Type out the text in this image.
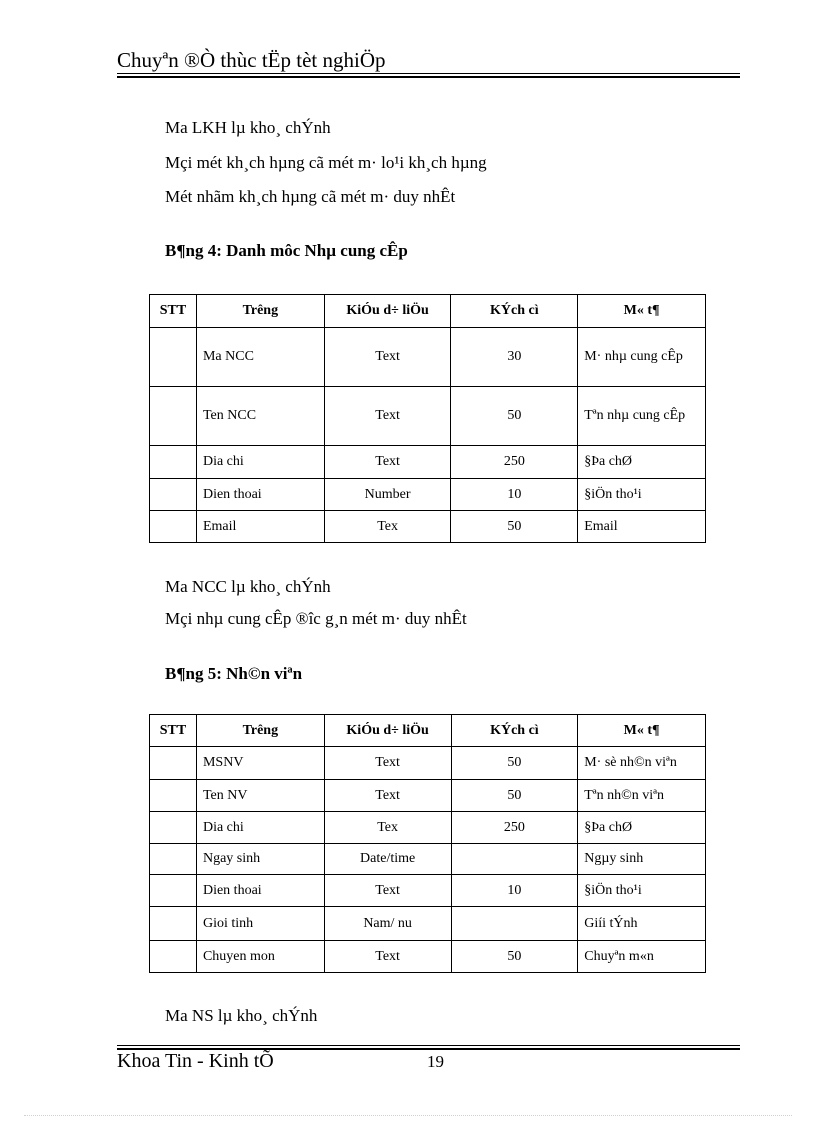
Chuyªn ®Ò thùc tËp tèt nghiÖp
Ma LKH lµ kho¸ chÝnh
Mçi mét kh¸ch hµng cã mét m· lo¹i kh¸ch hµng
Mét nhãm kh¸ch hµng cã mét m· duy nhÊt
B¶ng 4: Danh môc Nhµ cung cÊp
STT	Trêng	KiÓu d÷ liÖu	KÝch cì	M« t¶
	Ma NCC	Text	30	M· nhµ cung cÊp
	Ten NCC	Text	50	Tªn nhµ cung cÊp
	Dia chi	Text	250	§Þa chØ
	Dien thoai	Number	10	§iÖn tho¹i
	Email	Tex	50	Email
Ma NCC lµ kho¸ chÝnh
Mçi nhµ cung cÊp ®îc g¸n mét m· duy nhÊt
B¶ng 5: Nh©n viªn
STT	Trêng	KiÓu d÷ liÖu	KÝch cì	M« t¶
	MSNV	Text	50	M· sè nh©n viªn
	Ten NV	Text	50	Tªn nh©n viªn
	Dia chi	Tex	250	§Þa chØ
	Ngay sinh	Date/time		Ngµy sinh
	Dien thoai	Text	10	§iÖn tho¹i
	Gioi tinh	Nam/ nu		Giíi tÝnh
	Chuyen mon	Text	50	Chuyªn m«n
Ma NS lµ kho¸ chÝnh
Khoa Tin - Kinh tÕ	19
